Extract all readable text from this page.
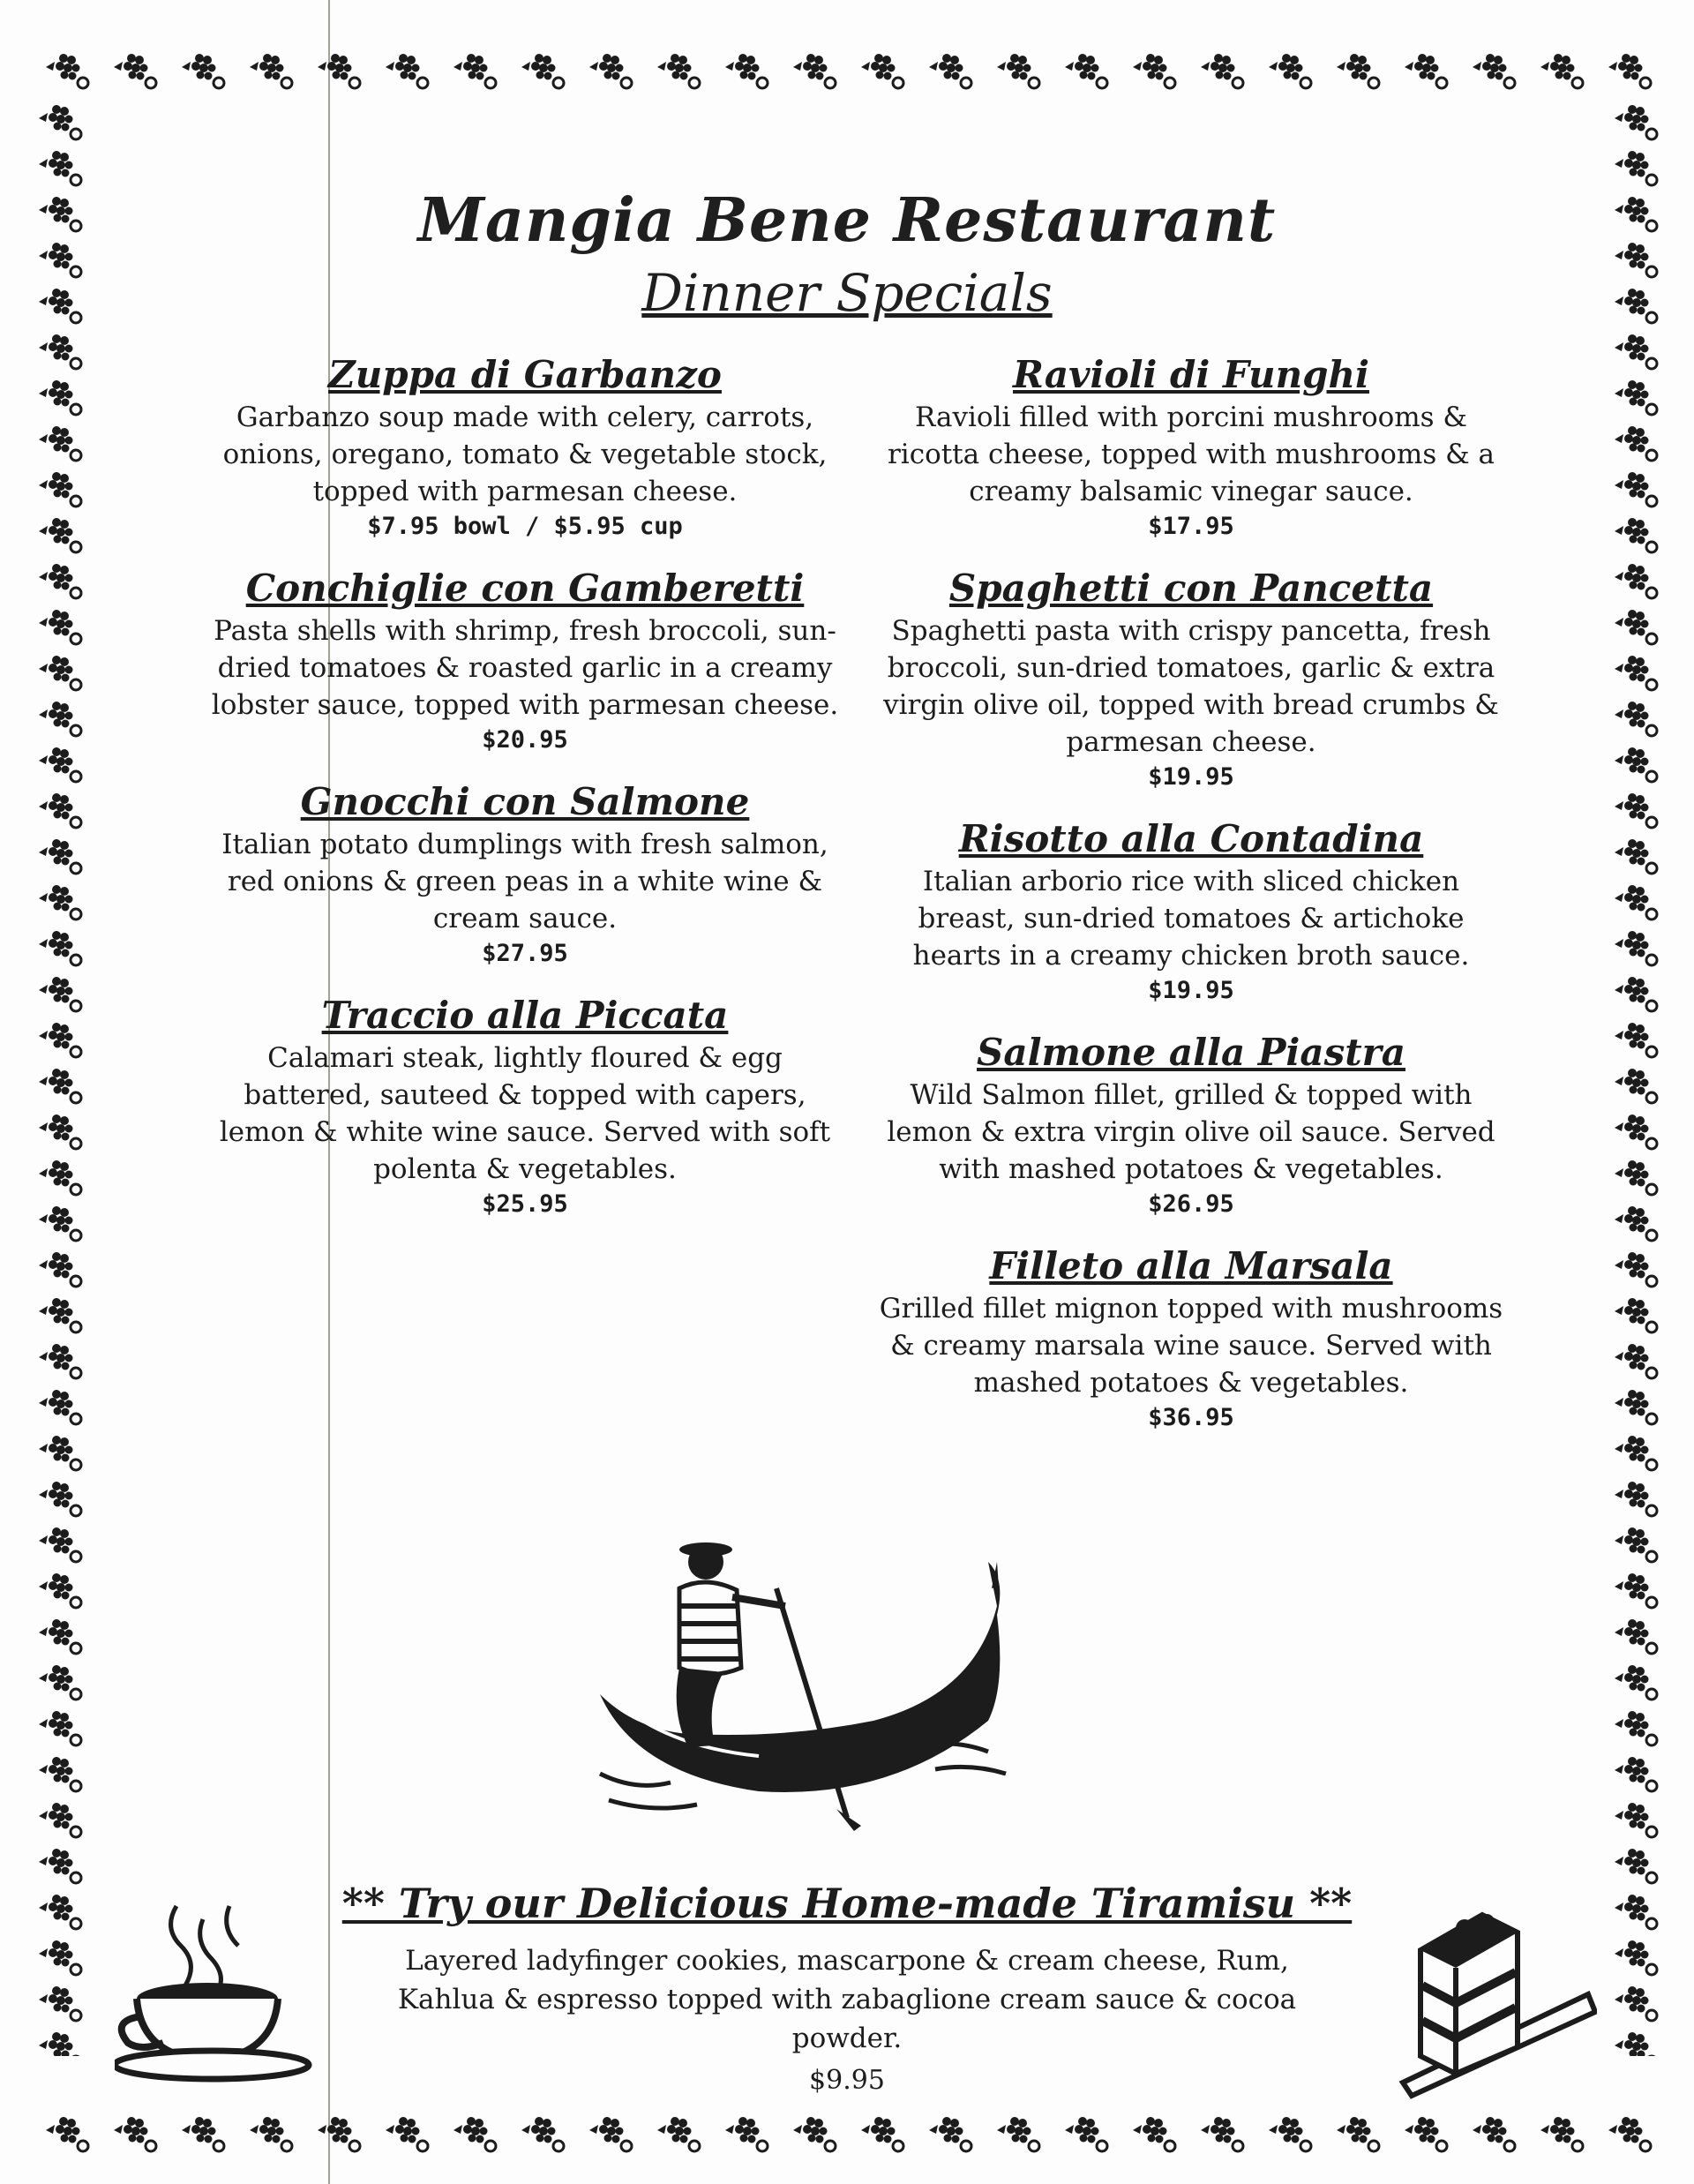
Mangia Bene Restaurant
Dinner Specials
Zuppa di Garbanzo
Garbanzo soup made with celery, carrots, onions, oregano, tomato & vegetable stock, topped with parmesan cheese.
$7.95 bowl / $5.95 cup
Conchiglie con Gamberetti
Pasta shells with shrimp, fresh broccoli, sun-dried tomatoes & roasted garlic in a creamy lobster sauce, topped with parmesan cheese.
$20.95
Gnocchi con Salmone
Italian potato dumplings with fresh salmon, red onions & green peas in a white wine & cream sauce.
$27.95
Traccio alla Piccata
Calamari steak, lightly floured & egg battered, sauteed & topped with capers, lemon & white wine sauce. Served with soft polenta & vegetables.
$25.95
Ravioli di Funghi
Ravioli filled with porcini mushrooms & ricotta cheese, topped with mushrooms & a creamy balsamic vinegar sauce.
$17.95
Spaghetti con Pancetta
Spaghetti pasta with crispy pancetta, fresh broccoli, sun-dried tomatoes, garlic & extra virgin olive oil, topped with bread crumbs & parmesan cheese.
$19.95
Risotto alla Contadina
Italian arborio rice with sliced chicken breast, sun-dried tomatoes & artichoke hearts in a creamy chicken broth sauce.
$19.95
Salmone alla Piastra
Wild Salmon fillet, grilled & topped with lemon & extra virgin olive oil sauce. Served with mashed potatoes & vegetables.
$26.95
Filleto alla Marsala
Grilled fillet mignon topped with mushrooms & creamy marsala wine sauce. Served with mashed potatoes & vegetables.
$36.95
** Try our Delicious Home-made Tiramisu **
Layered ladyfinger cookies, mascarpone & cream cheese, Rum, Kahlua & espresso topped with zabaglione cream sauce & cocoa powder.
$9.95
